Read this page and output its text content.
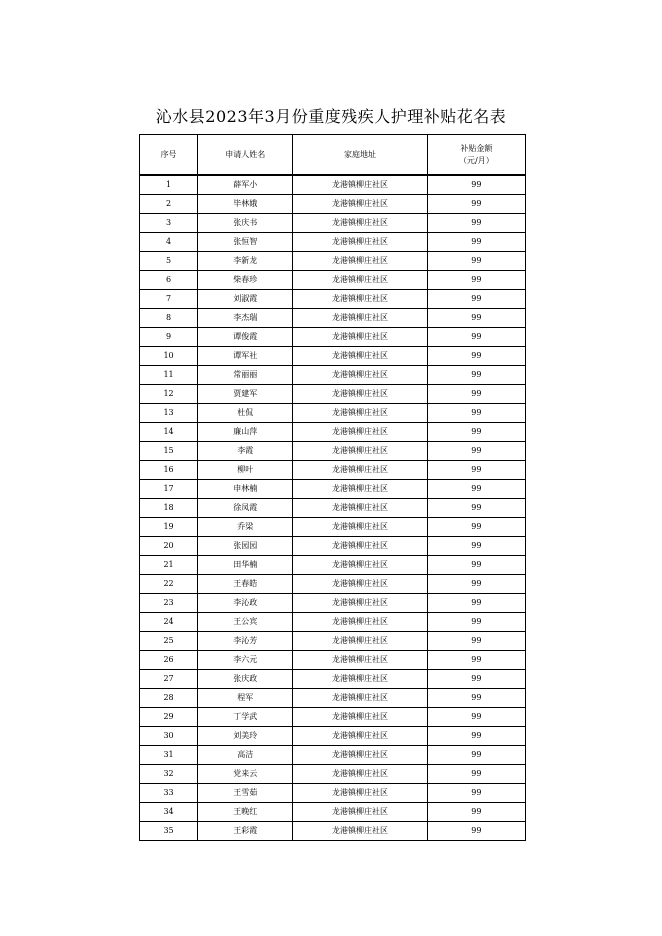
沁水县2023年3月份重度残疾人护理补贴花名表
序号	申请人姓名	家庭地址	补贴金额
（元/月）

1	薛军小	龙港镇柳庄社区	99
2	毕林娥	龙港镇柳庄社区	99
3	张庆书	龙港镇柳庄社区	99
4	张恒智	龙港镇柳庄社区	99
5	李新龙	龙港镇柳庄社区	99
6	柴春珍	龙港镇柳庄社区	99
7	刘淑霞	龙港镇柳庄社区	99
8	李杰瑞	龙港镇柳庄社区	99
9	谭俊霞	龙港镇柳庄社区	99
10	谭军社	龙港镇柳庄社区	99
11	常丽丽	龙港镇柳庄社区	99
12	贾建军	龙港镇柳庄社区	99
13	杜侃	龙港镇柳庄社区	99
14	廉山萍	龙港镇柳庄社区	99
15	李霞	龙港镇柳庄社区	99
16	柳叶	龙港镇柳庄社区	99
17	申林楠	龙港镇柳庄社区	99
18	徐凤霞	龙港镇柳庄社区	99
19	乔梁	龙港镇柳庄社区	99
20	张园园	龙港镇柳庄社区	99
21	田华楠	龙港镇柳庄社区	99
22	王春皓	龙港镇柳庄社区	99
23	李沁政	龙港镇柳庄社区	99
24	王公宾	龙港镇柳庄社区	99
25	李沁芳	龙港镇柳庄社区	99
26	李六元	龙港镇柳庄社区	99
27	张庆政	龙港镇柳庄社区	99
28	程军	龙港镇柳庄社区	99
29	丁学武	龙港镇柳庄社区	99
30	刘美玲	龙港镇柳庄社区	99
31	高洁	龙港镇柳庄社区	99
32	党来云	龙港镇柳庄社区	99
33	王雪茹	龙港镇柳庄社区	99
34	王晚红	龙港镇柳庄社区	99
35	王彩霞	龙港镇柳庄社区	99
